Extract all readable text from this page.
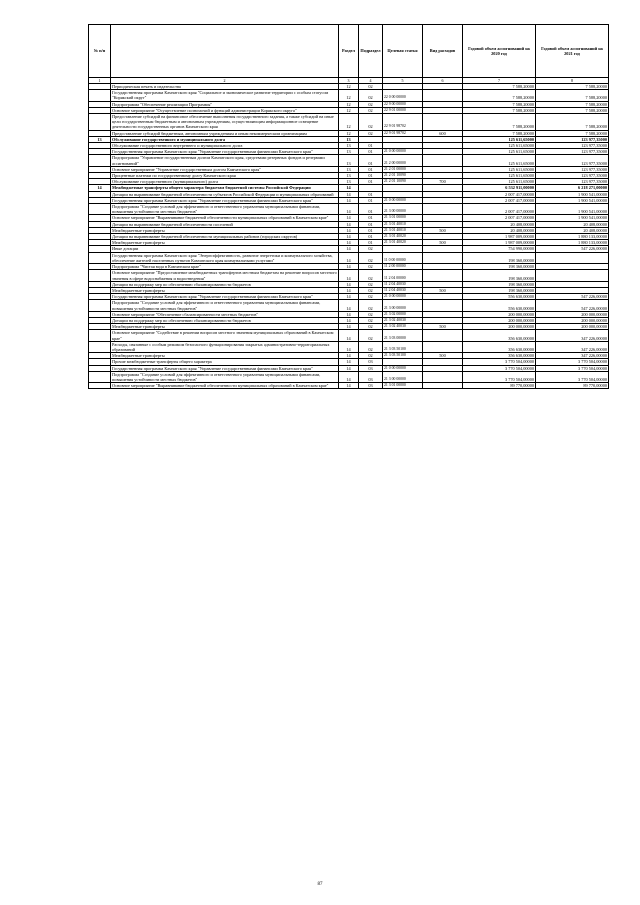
№ п/п		Раздел	Подраздел	Целевая статья	Вид расходов	Годовой объем ассигнований на 2020 год	Годовой объем ассигнований на 2021 год
1	2	3	4	5	6	7	8
	Периодическая печать и издательства	12	02			7 588,20000	7 588,20000
	Государственная программа Камчатского края "Социальное и экономическое развитие территории с особым статусом "Корякский округ"	12	02	22 0 00 00000		7 588,20000	7 588,20000
	Подпрограмма "Обеспечение реализации Программы"	12	02	22 9 00 00000		7 588,20000	7 588,20000
	Основное мероприятие "Осуществление полномочий и функций администрации Корякского округа"	12	02	22 9 01 00000		7 588,20000	7 588,20000
	Предоставление субсидий на финансовое обеспечение выполнения государственного задания, а также субсидий на иные цели государственным бюджетным и автономным учреждениям, осуществляющим информационное освещение деятельности государственных органов Камчатского края	12	02	22 9 01 98702		7 588,20000	7 588,20000
	Предоставление субсидий бюджетным, автономным учреждениям и иным некоммерческим организациям	12	02	22 9 01 98702	600	7 588,20000	7 588,20000
13	Обслуживание государственного и муниципального долга	13				125 611,65000	123 977,35000
	Обслуживание государственного внутреннего и муниципального долга	13	01			125 611,65000	123 977,35000
	Государственная программа Камчатского края "Управление государственными финансами Камчатского края"	13	01	21 0 00 00000		125 611,65000	123 977,35000
	Подпрограмма "Управление государственным долгом Камчатского края, средствами резервных фондов и резервами ассигнований"	13	01	21 2 00 00000		125 611,65000	123 977,35000
	Основное мероприятие "Управление государственным долгом Камчатского края"	13	01	21 2 01 00000		125 611,65000	123 977,35000
	Процентные платежи по государственному долгу Камчатского края	13	01	21 2 01 10090		125 611,65000	123 977,35000
	Обслуживание государственного (муниципального) долга	13	01	21 2 01 10090	700	125 611,65000	123 977,35000
14	Межбюджетные трансферты общего характера бюджетам бюджетной системы Российской Федерации	14				6 532 911,00000	6 218 271,00000
	Дотации на выравнивание бюджетной обеспеченности субъектов Российской Федерации и муниципальных образований	14	01			2 007 417,00000	1 900 541,00000
	Государственная программа Камчатского края "Управление государственными финансами Камчатского края"	14	01	21 0 00 00000		2 007 417,00000	1 900 541,00000
	Подпрограмма "Создание условий для эффективного и ответственного управления муниципальными финансами, повышения устойчивости местных бюджетов"	14	01	21 3 00 00000		2 007 417,00000	1 900 541,00000
	Основное мероприятие "Выравнивание бюджетной обеспеченности муниципальных образований в Камчатском крае"	14	01	21 3 01 00000		2 007 417,00000	1 900 541,00000
	Дотации на выравнивание бюджетной обеспеченности поселений	14	01	21 3 01 40010		20 408,00000	20 408,00000
	Межбюджетные трансферты	14	01	21 3 01 40010	500	20 408,00000	20 408,00000
	Дотации на выравнивание бюджетной обеспеченности муниципальных районов (городских округов)	14	01	21 3 01 40020		1 987 009,00000	1 880 133,00000
	Межбюджетные трансферты	14	01	21 3 01 40020	500	1 987 009,00000	1 880 133,00000
	Иные дотации	14	02			754 990,00000	547 226,00000
	Государственная программа Камчатского края "Энергоэффективность, развитие энергетики и коммунального хозяйства, обеспечение жителей населенных пунктов Камчатского края коммунальными услугами"	14	02	11 0 00 00000		198 360,00000	
	Подпрограмма "Чистая вода в Камчатском крае"	14	02	11 2 00 00000		198 360,00000	
	Основное мероприятие "Предоставление межбюджетных трансфертов местным бюджетам на решение вопросов местного значения в сфере водоснабжения и водоотведения"	14	02	11 2 04 00000		198 360,00000	
	Дотации на поддержку мер по обеспечению сбалансированности бюджетов	14	02	11 2 04 40030		198 360,00000	
	Межбюджетные трансферты	14	02	11 2 04 40030	500	198 360,00000	
	Государственная программа Камчатского края "Управление государственными финансами Камчатского края"	14	02	21 0 00 00000		556 630,00000	547 226,00000
	Подпрограмма "Создание условий для эффективного и ответственного управления муниципальными финансами, повышения устойчивости местных бюджетов"	14	02	21 3 00 00000		556 630,00000	547 226,00000
	Основное мероприятие "Обеспечение сбалансированности местных бюджетов"	14	02	21 3 02 00000		200 000,00000	200 000,00000
	Дотации на поддержку мер по обеспечению сбалансированности бюджетов	14	02	21 3 02 40030		200 000,00000	200 000,00000
	Межбюджетные трансферты	14	02	21 3 02 40030	500	200 000,00000	200 000,00000
	Основное мероприятие "Содействие в решении вопросов местного значения муниципальных образований в Камчатском крае"	14	02	21 3 03 00000		356 630,00000	347 226,00000
	Расходы, связанные с особым режимом безопасного функционирования закрытых административно-территориальных образований	14	02	21 3 03 50100		356 630,00000	347 226,00000
	Межбюджетные трансферты	14	02	21 3 03 50100	500	356 630,00000	347 226,00000
	Прочие межбюджетные трансферты общего характера	14	03			3 770 504,00000	3 770 504,00000
	Государственная программа Камчатского края "Управление государственными финансами Камчатского края"	14	03	21 0 00 00000		3 770 504,00000	3 770 504,00000
	Подпрограмма "Создание условий для эффективного и ответственного управления муниципальными финансами, повышения устойчивости местных бюджетов"	14	03	21 3 00 00000		3 770 504,00000	3 770 504,00000
	Основное мероприятие "Выравнивание бюджетной обеспеченности муниципальных образований в Камчатском крае"	14	03	21 3 01 00000		89 770,00000	89 770,00000
87
